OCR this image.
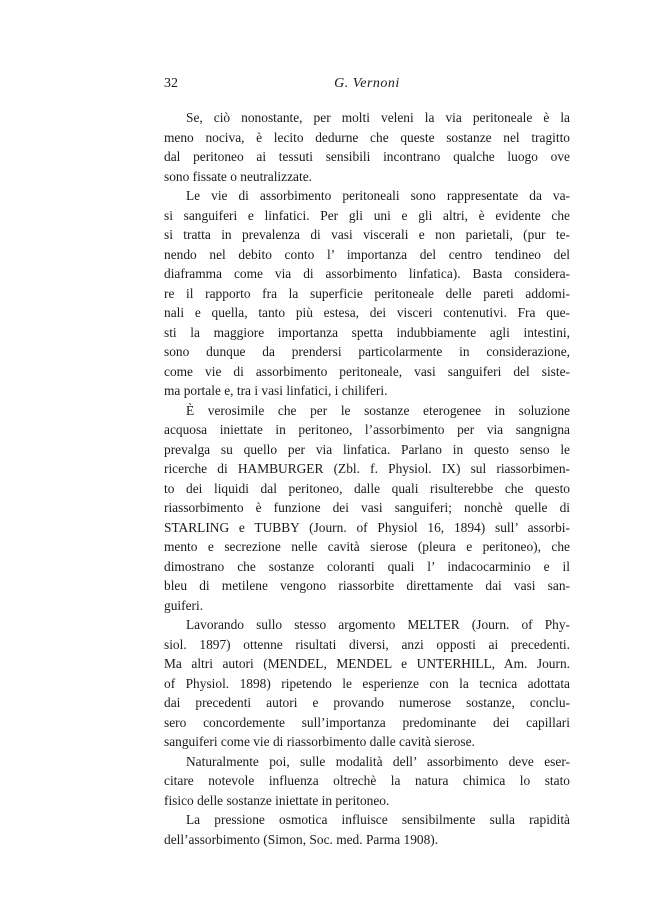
32	G. Vernoni
Se, ciò nonostante, per molti veleni la via peritoneale è la
meno nociva, è lecito dedurne che queste sostanze nel tragitto
dal peritoneo ai tessuti sensibili incontrano qualche luogo ove
sono fissate o neutralizzate.
Le vie di assorbimento peritoneali sono rappresentate da va-
si sanguiferi e linfatici. Per gli uni e gli altri, è evidente che
si tratta in prevalenza di vasi viscerali e non parietali, (pur te-
nendo nel debito conto l’ importanza del centro tendineo del
diaframma come via di assorbimento linfatica). Basta considera-
re il rapporto fra la superficie peritoneale delle pareti addomi-
nali e quella, tanto più estesa, dei visceri contenutivi. Fra que-
sti la maggiore importanza spetta indubbiamente agli intestini,
sono dunque da prendersi particolarmente in considerazione,
come vie di assorbimento peritoneale, vasi sanguiferi del siste-
ma portale e, tra i vasi linfatici, i chiliferi.
È verosimile che per le sostanze eterogenee in soluzione
acquosa iniettate in peritoneo, l’assorbimento per via sangnigna
prevalga su quello per via linfatica. Parlano in questo senso le
ricerche di HAMBURGER (Zbl. f. Physiol. IX) sul riassorbimen-
to dei liquidi dal peritoneo, dalle quali risulterebbe che questo
riassorbimento è funzione dei vasi sanguiferi; nonchè quelle di
STARLING e TUBBY (Journ. of Physiol 16, 1894) sull’ assorbi-
mento e secrezione nelle cavità sierose (pleura e peritoneo), che
dimostrano che sostanze coloranti quali l’ indacocarminio e il
bleu di metilene vengono riassorbite direttamente dai vasi san-
guiferi.
Lavorando sullo stesso argomento MELTER (Journ. of Phy-
siol. 1897) ottenne risultati diversi, anzi opposti ai precedenti.
Ma altri autori (MENDEL, MENDEL e UNTERHILL, Am. Journ.
of Physiol. 1898) ripetendo le esperienze con la tecnica adottata
dai precedenti autori e provando numerose sostanze, conclu-
sero concordemente sull’importanza predominante dei capillari
sanguiferi come vie di riassorbimento dalle cavità sierose.
Naturalmente poi, sulle modalità dell’ assorbimento deve eser-
citare notevole influenza oltrechè la natura chimica lo stato
fisico delle sostanze iniettate in peritoneo.
La pressione osmotica influisce sensibilmente sulla rapidità
dell’assorbimento (Simon, Soc. med. Parma 1908).
